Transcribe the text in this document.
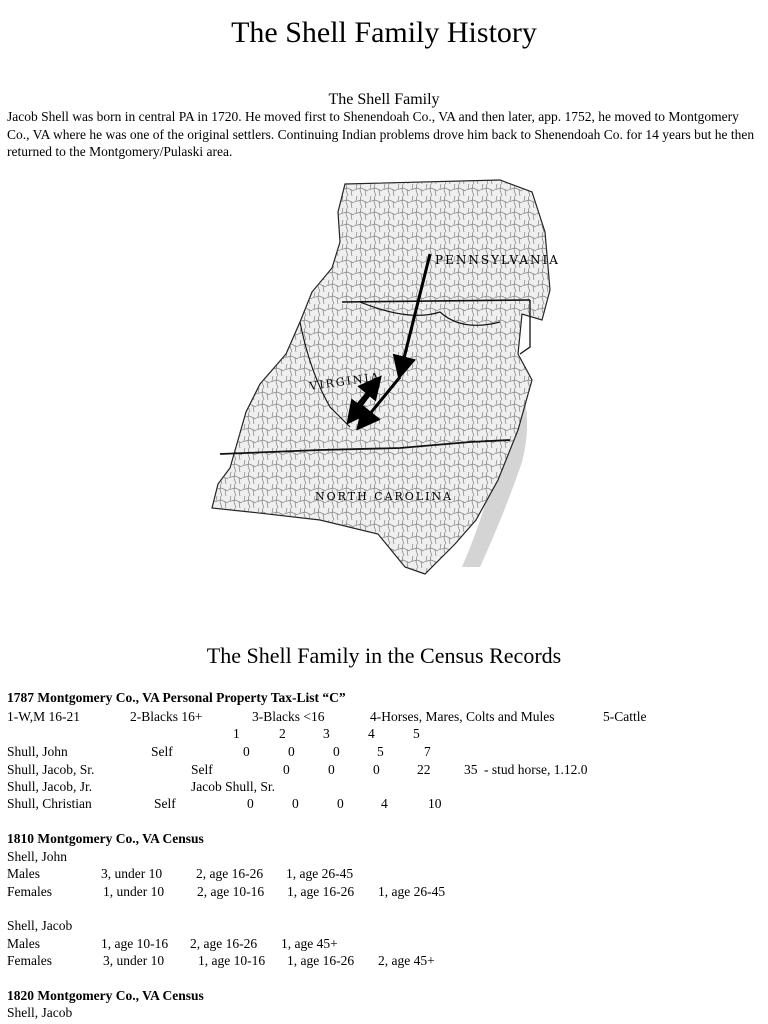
The Shell Family History
The Shell Family
Jacob Shell was born in central PA in 1720. He moved first to Shenendoah Co., VA and then later, app. 1752, he moved to Montgomery Co., VA where he was one of the original settlers. Continuing Indian problems drove him back to Shenendoah Co. for 14 years but he then returned to the Montgomery/Pulaski area.
PENNSYLVANIA
VIRGINIA
NORTH CAROLINA
The Shell Family in the Census Records
1787 Montgomery Co., VA Personal Property Tax-List “C”
1-W,M 16-21	2-Blacks 16+	3-Blacks <16	4-Horses, Mares, Colts and Mules	5-Cattle
1	2	3	4	5
Shull, John	Self	0	0	0	5	7
Shull, Jacob, Sr.	Self	0	0	0	22 35 - stud horse, 1.12.0
Shull, Jacob, Jr.	Jacob Shull, Sr.
Shull, Christian	Self	0	0	0	4	10
1810 Montgomery Co., VA Census
Shell, John
Males	3, under 10	2, age 16-26 1, age 26-45
Females	1, under 10 2, age 10-16 1, age 16-26 1, age 26-45
Shell, Jacob
Males	1, age 10-16 2, age 16-26 1, age 45+
Females	3, under 10	1, age 10-16 1, age 16-26 2, age 45+
1820 Montgomery Co., VA Census
Shell, Jacob
